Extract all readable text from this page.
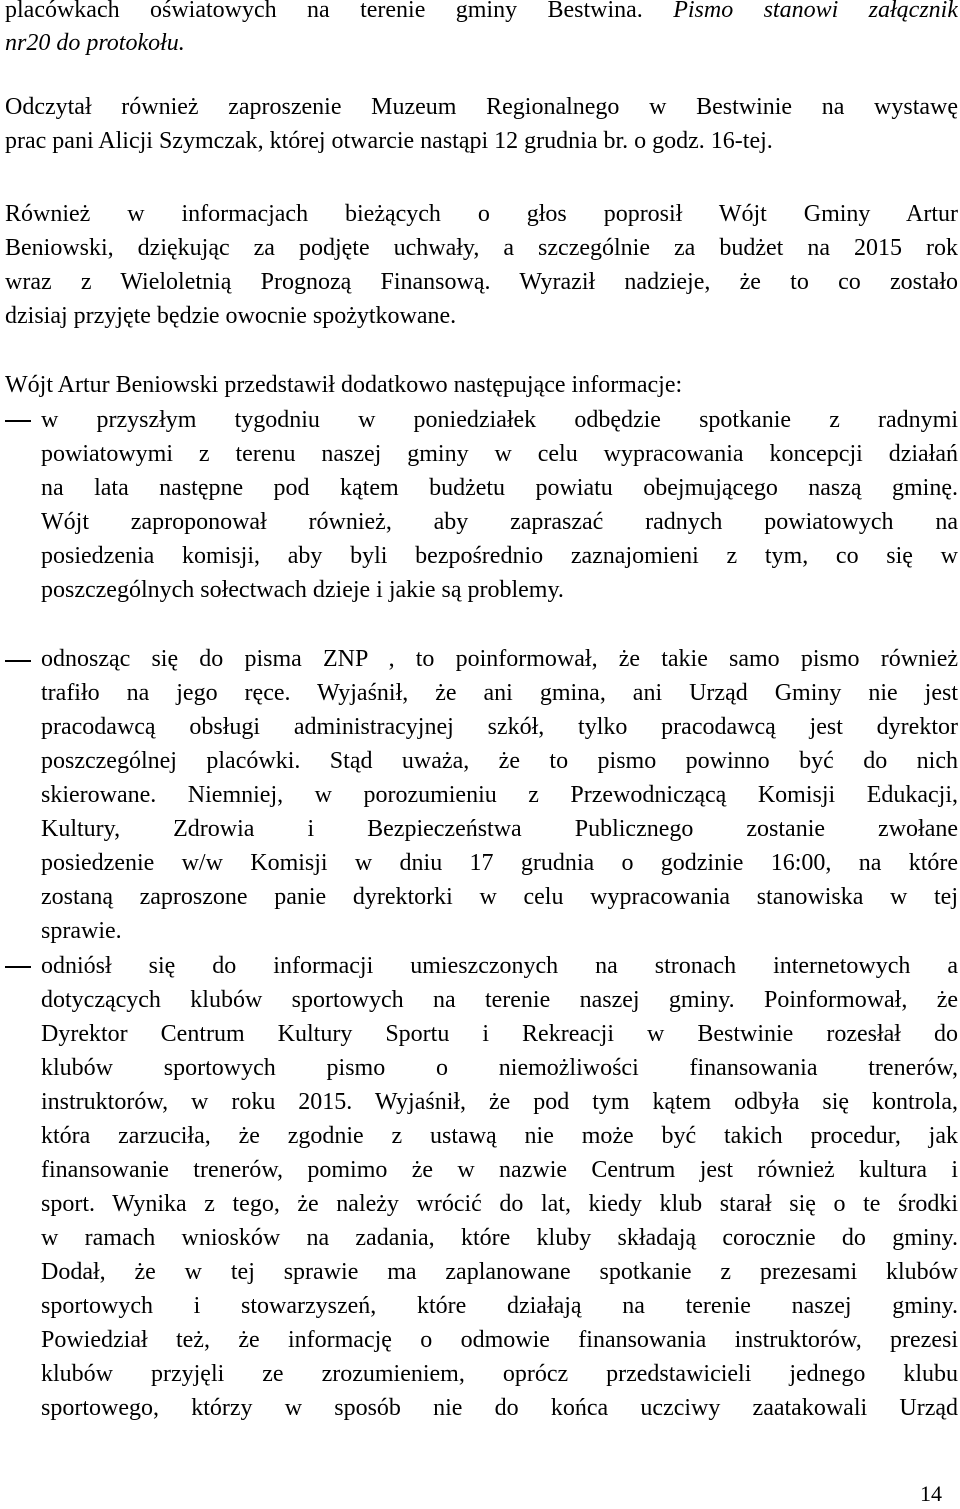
placówkach oświatowych na terenie gminy Bestwina. Pismo stanowi załącznik
nr20 do protokołu.
Odczytał również zaproszenie Muzeum Regionalnego w Bestwinie na wystawę
prac pani Alicji Szymczak, której otwarcie nastąpi 12 grudnia br. o godz. 16-tej.
Również w informacjach bieżących o głos poprosił Wójt Gminy Artur
Beniowski, dziękując za podjęte uchwały, a szczególnie za budżet na 2015 rok
wraz z Wieloletnią Prognozą Finansową. Wyraził nadzieje, że to co zostało
dzisiaj przyjęte będzie owocnie spożytkowane.
Wójt Artur Beniowski przedstawił dodatkowo następujące informacje:
w przyszłym tygodniu w poniedziałek odbędzie spotkanie z radnymi
powiatowymi z terenu naszej gminy w celu wypracowania koncepcji działań
na lata następne pod kątem budżetu powiatu obejmującego naszą gminę.
Wójt zaproponował również, aby zapraszać radnych powiatowych na
posiedzenia komisji, aby byli bezpośrednio zaznajomieni z tym, co się w
poszczególnych sołectwach dzieje i jakie są problemy.
odnosząc się do pisma ZNP , to poinformował, że takie samo pismo również
trafiło na jego ręce. Wyjaśnił, że ani gmina, ani Urząd Gminy nie jest
pracodawcą obsługi administracyjnej szkół, tylko pracodawcą jest dyrektor
poszczególnej placówki. Stąd uważa, że to pismo powinno być do nich
skierowane. Niemniej, w porozumieniu z Przewodniczącą Komisji Edukacji,
Kultury, Zdrowia i Bezpieczeństwa Publicznego zostanie zwołane
posiedzenie w/w Komisji w dniu 17 grudnia o godzinie 16:00, na które
zostaną zaproszone panie dyrektorki w celu wypracowania stanowiska w tej
sprawie.
odniósł się do informacji umieszczonych na stronach internetowych a
dotyczących klubów sportowych na terenie naszej gminy. Poinformował, że
Dyrektor Centrum Kultury Sportu i Rekreacji w Bestwinie rozesłał do
klubów sportowych pismo o niemożliwości finansowania trenerów,
instruktorów, w roku 2015. Wyjaśnił, że pod tym kątem odbyła się kontrola,
która zarzuciła, że zgodnie z ustawą nie może być takich procedur, jak
finansowanie trenerów, pomimo że w nazwie Centrum jest również kultura i
sport. Wynika z tego, że należy wrócić do lat, kiedy klub starał się o te środki
w ramach wniosków na zadania, które kluby składają corocznie do gminy.
Dodał, że w tej sprawie ma zaplanowane spotkanie z prezesami klubów
sportowych i stowarzyszeń, które działają na terenie naszej gminy.
Powiedział też, że informację o odmowie finansowania instruktorów, prezesi
klubów przyjęli ze zrozumieniem, oprócz przedstawicieli jednego klubu
sportowego, którzy w sposób nie do końca uczciwy zaatakowali Urząd
14
